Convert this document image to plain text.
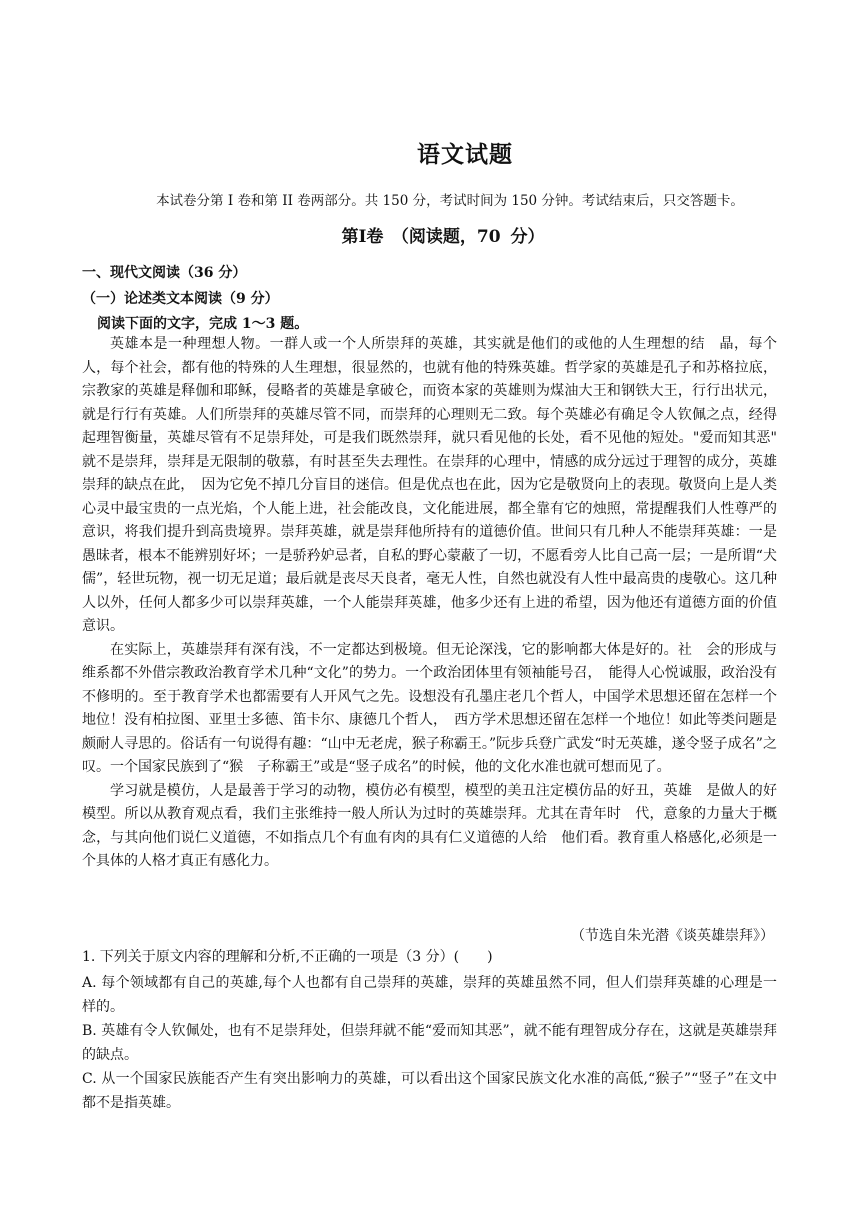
语文试题
本试卷分第 I 卷和第 II 卷两部分。共 150 分，考试时间为 150 分钟。考试结束后，只交答题卡。
第Ⅰ卷　（阅读题，70 分）
一、现代文阅读（36 分）
（一）论述类文本阅读（9 分）
阅读下面的文字，完成 1～3 题。

英雄本是一种理想人物。一群人或一个人所崇拜的英雄，其实就是他们的或他的人生理想的结　晶，每个人，每个社会，都有他的特殊的人生理想，很显然的，也就有他的特殊英雄。哲学家的英雄是孔子和苏格拉底，宗教家的英雄是释伽和耶稣，侵略者的英雄是拿破仑，而资本家的英雄则为煤油大王和钢铁大王，行行出状元，就是行行有英雄。人们所崇拜的英雄尽管不同，而崇拜的心理则无二致。每个英雄必有确足令人钦佩之点，经得起理智衡量，英雄尽管有不足崇拜处，可是我们既然崇拜，就只看见他的长处，看不见他的短处。"爱而知其恶" 就不是崇拜，崇拜是无限制的敬慕，有时甚至失去理性。在崇拜的心理中，情感的成分远过于理智的成分，英雄崇拜的缺点在此，　因为它免不掉几分盲目的迷信。但是优点也在此，因为它是敬贤向上的表现。敬贤向上是人类心灵中最宝贵的一点光焰，个人能上进，社会能改良，文化能进展，都全靠有它的烛照，常提醒我们人性尊严的意识，将我们提升到高贵境界。崇拜英雄，就是崇拜他所持有的道德价值。世间只有几种人不能崇拜英雄：一是愚昧者，根本不能辨别好坏；一是骄矜妒忌者，自私的野心蒙蔽了一切，不愿看旁人比自己高一层；一是所谓“犬儒”，轻世玩物，视一切无足道；最后就是丧尽天良者，毫无人性，自然也就没有人性中最高贵的虔敬心。这几种人以外，任何人都多少可以崇拜英雄，一个人能崇拜英雄，他多少还有上进的希望，因为他还有道德方面的价值意识。

在实际上，英雄崇拜有深有浅，不一定都达到极境。但无论深浅，它的影响都大体是好的。社　会的形成与维系都不外借宗教政治教育学术几种“文化”的势力。一个政治团体里有领袖能号召，　能得人心悦诚服，政治没有不修明的。至于教育学术也都需要有人开风气之先。设想没有孔墨庄老几个哲人，中国学术思想还留在怎样一个地位！没有柏拉图、亚里士多德、笛卡尔、康德几个哲人，　西方学术思想还留在怎样一个地位！如此等类问题是颇耐人寻思的。俗话有一句说得有趣：“山中无老虎，猴子称霸王。”阮步兵登广武发“时无英雄，遂令竖子成名”之叹。一个国家民族到了“猴　子称霸王”或是“竖子成名”的时候，他的文化水准也就可想而见了。

学习就是模仿，人是最善于学习的动物，模仿必有模型，模型的美丑注定模仿品的好丑，英雄　是做人的好模型。所以从教育观点看，我们主张维持一般人所认为过时的英雄崇拜。尤其在青年时　代，意象的力量大于概念，与其向他们说仁义道德，不如指点几个有血有肉的具有仁义道德的人给　他们看。教育重人格感化,必须是一个具体的人格才真正有感化力。

（节选自朱光潜《谈英雄崇拜》）
1. 下列关于原文内容的理解和分析,不正确的一项是（3 分）(　　)
A. 每个领域都有自己的英雄,每个人也都有自己崇拜的英雄，崇拜的英雄虽然不同，但人们崇拜英雄的心理是一样的。
B. 英雄有令人钦佩处，也有不足崇拜处，但崇拜就不能“爱而知其恶”，就不能有理智成分存在，这就是英雄崇拜的缺点。
C. 从一个国家民族能否产生有突出影响力的英雄，可以看出这个国家民族文化水准的高低,“猴子”“竖子”在文中都不是指英雄。
